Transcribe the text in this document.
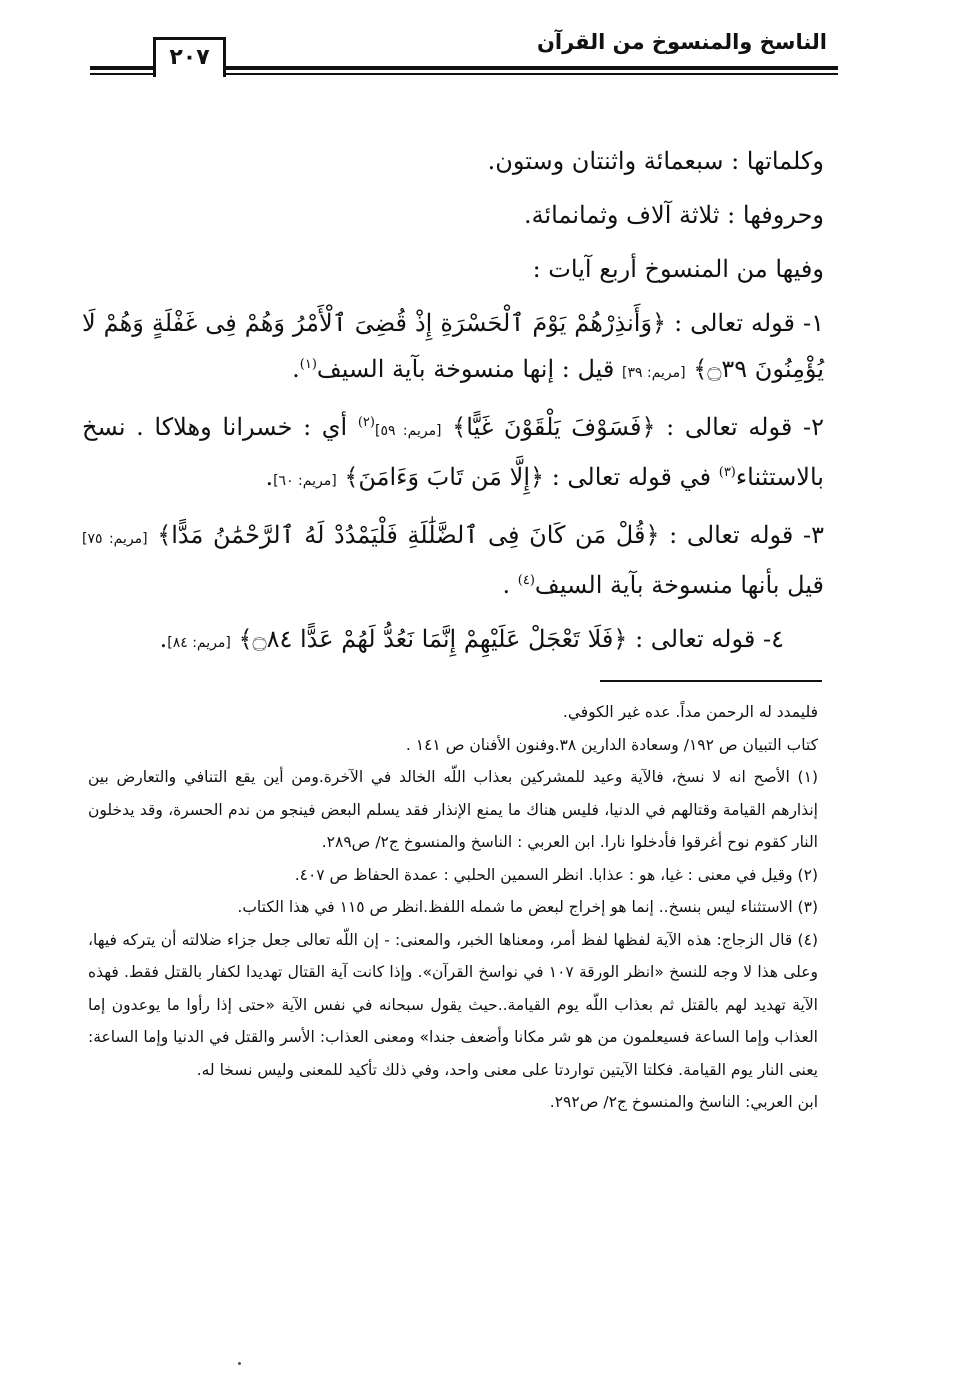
الناسخ والمنسوخ من القرآن
٢٠٧

وكلماتها : سبعمائة واثنتان وستون.

وحروفها : ثلاثة آلاف وثمانمائة.

وفيها من المنسوخ أربع آيات :

١- قوله تعالى : ﴿وَأَنذِرْهُمْ يَوْمَ ٱلْحَسْرَةِ إِذْ قُضِىَ ٱلْأَمْرُ وَهُمْ فِى غَفْلَةٍ وَهُمْ لَا يُؤْمِنُونَ ۝٣٩﴾ [مريم: ٣٩] قيل : إنها منسوخة بآية السيف$^{(١)}$.

٢- قوله تعالى : ﴿فَسَوْفَ يَلْقَوْنَ غَيًّا﴾ [مريم: ٥٩]$^{(٢)}$ أي : خسرانا وهلاكا . نسخ بالاستثناء$^{(٣)}$ في قوله تعالى : ﴿إِلَّا مَن تَابَ وَءَامَنَ﴾ [مريم: ٦٠].

٣- قوله تعالى : ﴿قُلْ مَن كَانَ فِى ٱلضَّلَٰلَةِ فَلْيَمْدُدْ لَهُ ٱلرَّحْمَٰنُ مَدًّا﴾ [مريم: ٧٥] قيل بأنها منسوخة بآية السيف$^{(٤)}$ .

٤- قوله تعالى : ﴿فَلَا تَعْجَلْ عَلَيْهِمْ إِنَّمَا نَعُدُّ لَهُمْ عَدًّا ۝٨٤﴾ [مريم: ٨٤].

فليمدد له الرحمن مداً. عده غير الكوفي.

كتاب التبيان ص ١٩٢/ وسعادة الدارين ٣٨.وفنون الأفنان ص ١٤١ .

(١) الأصح انه لا نسخ، فالآية وعيد للمشركين بعذاب اللّه الخالد في الآخرة.ومن أين يقع التنافي والتعارض بين إنذارهم القيامة وقتالهم في الدنيا، فليس هناك ما يمنع الإنذار فقد يسلم البعض فينجو من ندم الحسرة، وقد يدخلون النار كقوم نوح أغرقوا فأدخلوا نارا. ابن العربي : الناسخ والمنسوخ ج٢/ ص٢٨٩.

(٢) وقيل في معنى : غيا، هو : عذابا. انظر السمين الحلبي : عمدة الحفاظ ص ٤٠٧.

(٣) الاستثناء ليس بنسخ.. إنما هو إخراج لبعض ما شمله اللفظ.انظر ص ١١٥ في هذا الكتاب.

(٤) قال الزجاج: هذه الآية لفظها لفظ أمر، ومعناها الخبر، والمعنى: - إن اللّه تعالى جعل جزاء ضلالته أن يتركه فيها، وعلى هذا لا وجه للنسخ «انظر الورقة ١٠٧ في نواسخ القرآن». وإذا كانت آية القتال تهديدا لكفار بالقتل فقط. فهذه الآية تهديد لهم بالقتل ثم بعذاب اللّه يوم القيامة..حيث يقول سبحانه في نفس الآية «حتى إذا رأوا ما يوعدون إما العذاب وإما الساعة فسيعلمون من هو شر مكانا وأضعف جندا» ومعنى العذاب: الأسر والقتل في الدنيا وإما الساعة: يعنى النار يوم القيامة. فكلتا الآيتين تواردتا على معنى واحد، وفي ذلك تأكيد للمعنى وليس نسخا له.

ابن العربي: الناسخ والمنسوخ ج٢/ ص٢٩٢.
